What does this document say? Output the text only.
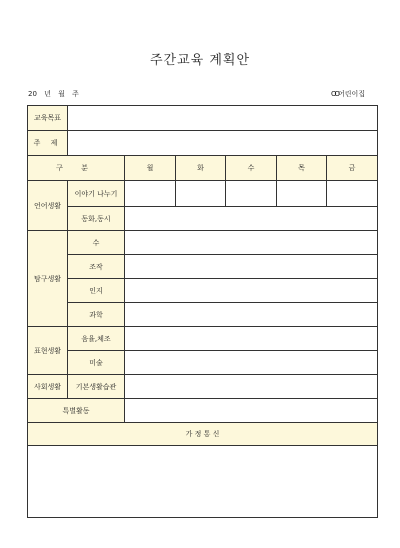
주간교육 계획안
20 년 월 주	OO어린이집
교육목표						
주 제						
구 분		월	화	수	목	금
언어생활	이야기 나누기					
	동화,동시					
탐구생활	수					
	조작					
	인지					
	과학					
표현생활	음율,체조					
	미술					
사회생활	기본생활습관					
특별활동						
가 정 통 신						
